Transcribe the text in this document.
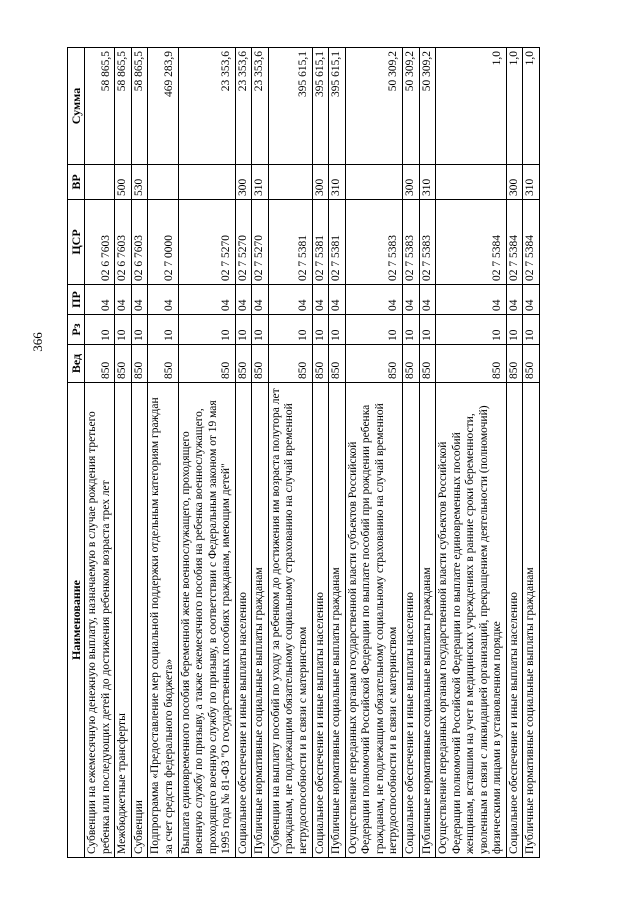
366
Наименование	Вед	Рз	ПР	ЦСР	ВР	Сумма
Субвенции на ежемесячную денежную выплату, назначаемую в случае рождения третьего ребенка или последующих детей до достижения ребенком возраста трех лет	850	10	04	02 6 7603		58 865,5
Межбюджетные трансферты	850	10	04	02 6 7603	500	58 865,5
Субвенции	850	10	04	02 6 7603	530	58 865,5
Подпрограмма «Предоставление мер социальной поддержки отдельным категориям граждан за счет средств федерального бюджета»	850	10	04	02 7 0000		469 283,9
Выплата единовременного пособия беременной жене военнослужащего, проходящего военную службу по призыву, а также ежемесячного пособия на ребенка военнослужащего, проходящего военную службу по призыву, в соответствии с Федеральным законом от 19 мая 1995 года № 81-ФЗ "О государственных пособиях гражданам, имеющим детей"	850	10	04	02 7 5270		23 353,6
Социальное обеспечение и иные выплаты населению	850	10	04	02 7 5270	300	23 353,6
Публичные нормативные социальные выплаты гражданам	850	10	04	02 7 5270	310	23 353,6
Субвенции на выплату пособий по уходу за ребенком до достижения им возраста полутора лет гражданам, не подлежащим обязательному социальному страхованию на случай временной нетрудоспособности и в связи с материнством	850	10	04	02 7 5381		395 615,1
Социальное обеспечение и иные выплаты населению	850	10	04	02 7 5381	300	395 615,1
Публичные нормативные социальные выплаты гражданам	850	10	04	02 7 5381	310	395 615,1
Осуществление переданных органам государственной власти субъектов Российской Федерации полномочий Российской Федерации по выплате пособий при рождении ребенка гражданам, не подлежащим обязательному социальному страхованию на случай временной нетрудоспособности и в связи с материнством	850	10	04	02 7 5383		50 309,2
Социальное обеспечение и иные выплаты населению	850	10	04	02 7 5383	300	50 309,2
Публичные нормативные социальные выплаты гражданам	850	10	04	02 7 5383	310	50 309,2
Осуществление переданных органам государственной власти субъектов Российской Федерации полномочий Российской Федерации по выплате единовременных пособий женщинам, вставшим на учет в медицинских учреждениях в ранние сроки беременности, уволенным в связи с ликвидацией организаций, прекращением деятельности (полномочий) физическими лицами в установленном порядке	850	10	04	02 7 5384		1,0
Социальное обеспечение и иные выплаты населению	850	10	04	02 7 5384	300	1,0
Публичные нормативные социальные выплаты гражданам	850	10	04	02 7 5384	310	1,0
